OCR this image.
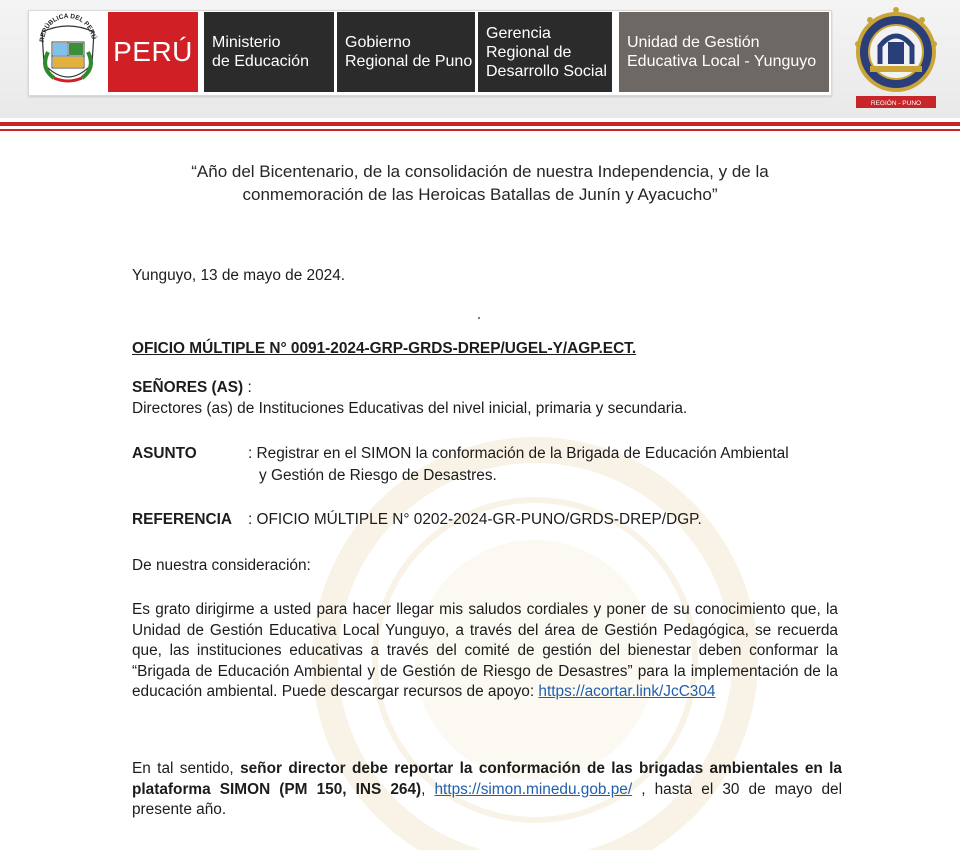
REPÚBLICA DEL PERÚ PERÚ	Ministerio
de Educación
Gobierno
Regional de Puno
Gerencia
Regional de
Desarrollo Social
Unidad de Gestión
Educativa Local - Yunguyo
REGIÓN - PUNO
“Año del Bicentenario, de la consolidación de nuestra Independencia, y de la conmemoración de las Heroicas Batallas de Junín y Ayacucho”
Yunguyo, 13 de mayo de 2024.
OFICIO MÚLTIPLE N° 0091-2024-GRP-GRDS-DREP/UGEL-Y/AGP.ECT.
SEÑORES (AS) :
Directores (as) de Instituciones Educativas del nivel inicial, primaria y secundaria.
ASUNTO	: Registrar en el SIMON la conformación de la Brigada de Educación Ambiental
y Gestión de Riesgo de Desastres.
REFERENCIA : OFICIO MÚLTIPLE N° 0202-2024-GR-PUNO/GRDS-DREP/DGP.
De nuestra consideración:
Es grato dirigirme a usted para hacer llegar mis saludos cordiales y poner de su conocimiento que, la Unidad de Gestión Educativa Local Yunguyo, a través del área de Gestión Pedagógica, se recuerda que, las instituciones educativas a través del comité de gestión del bienestar deben conformar la “Brigada de Educación Ambiental y de Gestión de Riesgo de Desastres” para la implementación de la educación ambiental. Puede descargar recursos de apoyo: https://acortar.link/JcC304
En tal sentido, señor director debe reportar la conformación de las brigadas ambientales en la plataforma SIMON (PM 150, INS 264), https://simon.minedu.gob.pe/ , hasta el 30 de mayo del presente año.
